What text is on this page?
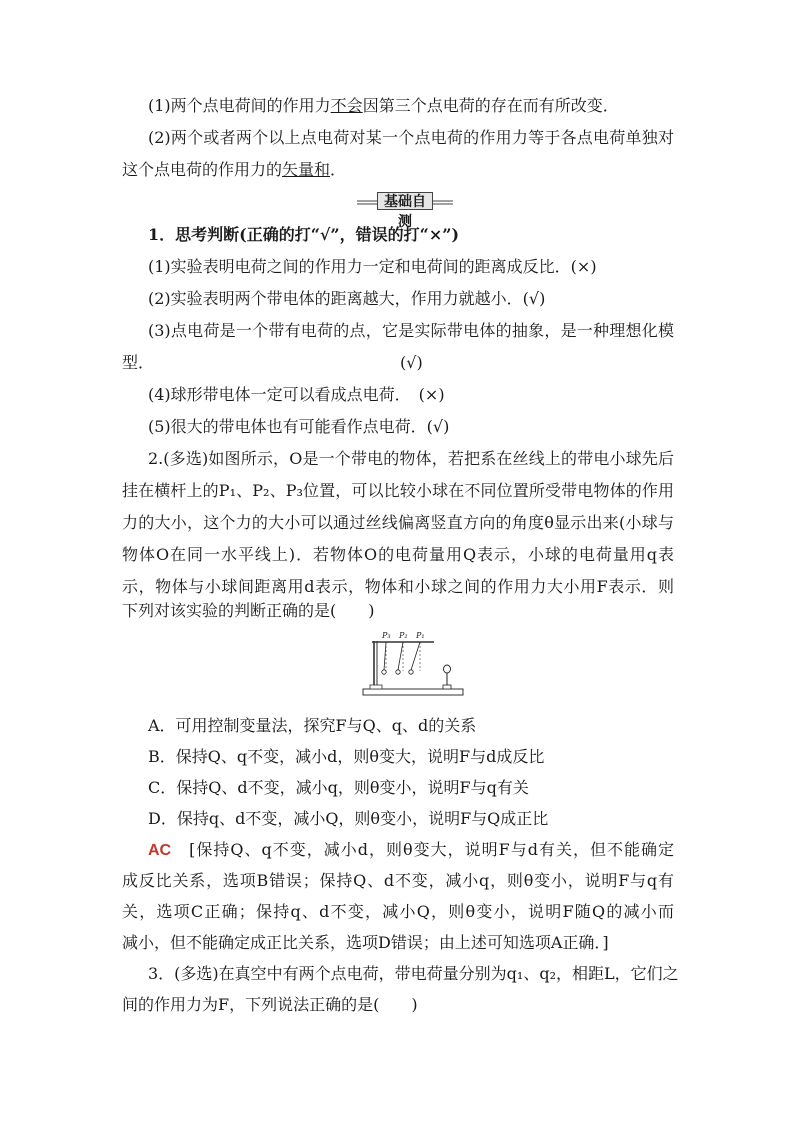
(1)两个点电荷间的作用力不会因第三个点电荷的存在而有所改变．
(2)两个或者两个以上点电荷对某一个点电荷的作用力等于各点电荷单独对
这个点电荷的作用力的矢量和．
基础自测
1．思考判断(正确的打“√”，错误的打“×”)
(1)实验表明电荷之间的作用力一定和电荷间的距离成反比．(×)
(2)实验表明两个带电体的距离越大，作用力就越小．(√)
(3)点电荷是一个带有电荷的点，它是实际带电体的抽象，是一种理想化模
型．	(√)
(4)球形带电体一定可以看成点电荷．　(×)
(5)很大的带电体也有可能看作点电荷．(√)
2.(多选)如图所示，O是一个带电的物体，若把系在丝线上的带电小球先后
挂在横杆上的P₁、P₂、P₃位置，可以比较小球在不同位置所受带电物体的作用
力的大小，这个力的大小可以通过丝线偏离竖直方向的角度θ显示出来(小球与
物体O在同一水平线上)．若物体O的电荷量用Q表示，小球的电荷量用q表
示，物体与小球间距离用d表示，物体和小球之间的作用力大小用F表示．则
下列对该实验的判断正确的是(　　)
P₃ P₂ P₁
A．可用控制变量法，探究F与Q、q、d的关系
B．保持Q、q不变，减小d，则θ变大，说明F与d成反比
C．保持Q、d不变，减小q，则θ变小，说明F与q有关
D．保持q、d不变，减小Q，则θ变小，说明F与Q成正比
AC　 [保持Q、q不变，减小d，则θ变大，说明F与d有关，但不能确定
成反比关系，选项B错误；保持Q、d不变，减小q，则θ变小，说明F与q有
关，选项C正确；保持q、d不变，减小Q，则θ变小，说明F随Q的减小而
减小，但不能确定成正比关系，选项D错误；由上述可知选项A正确．]
3．(多选)在真空中有两个点电荷，带电荷量分别为q₁、q₂，相距L，它们之
间的作用力为F，下列说法正确的是(　　)
